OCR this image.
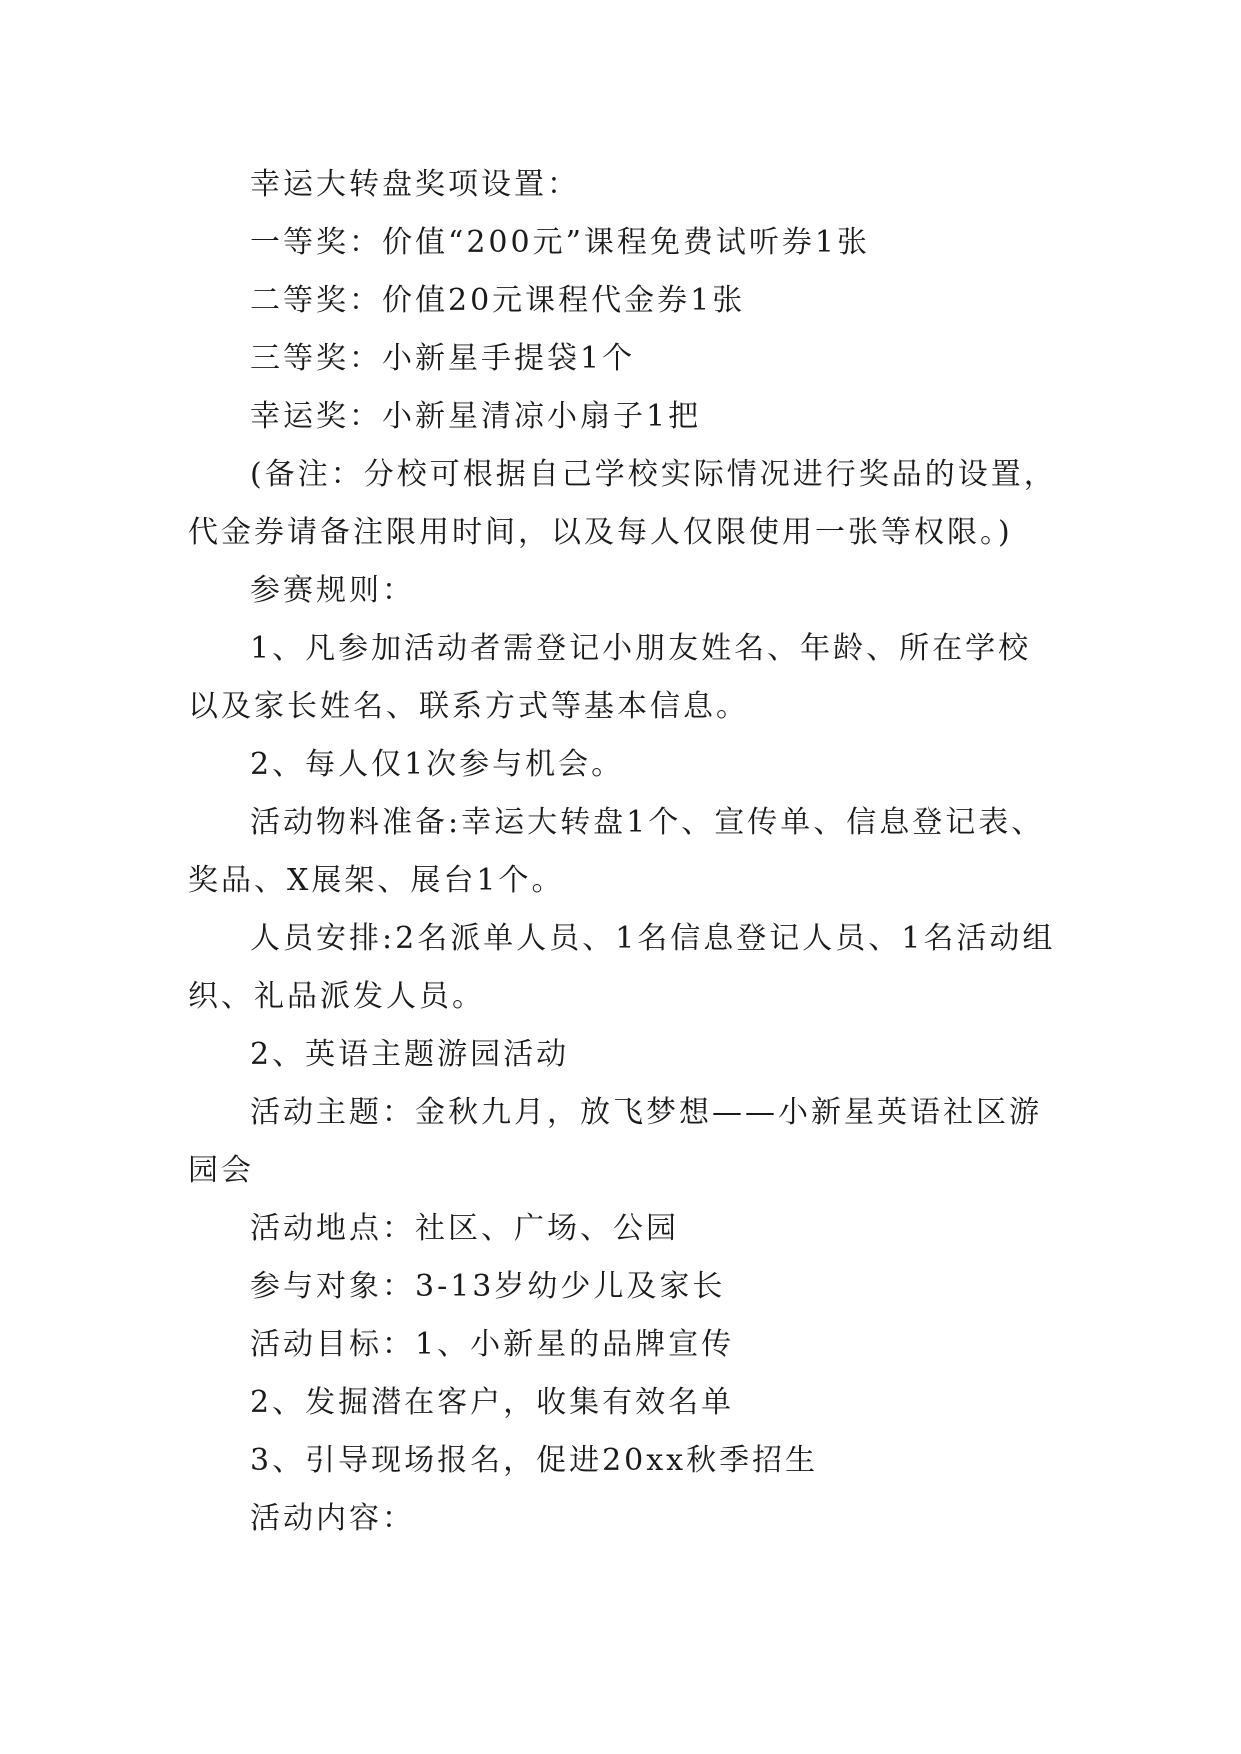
幸运大转盘奖项设置：

一等奖：价值“200元”课程免费试听券1张

二等奖：价值20元课程代金券1张

三等奖：小新星手提袋1个

幸运奖：小新星清凉小扇子1把

(备注：分校可根据自己学校实际情况进行奖品的设置，代金券请备注限用时间，以及每人仅限使用一张等权限。)

参赛规则：

1、凡参加活动者需登记小朋友姓名、年龄、所在学校以及家长姓名、联系方式等基本信息。

2、每人仅1次参与机会。

活动物料准备:幸运大转盘1个、宣传单、信息登记表、奖品、X展架、展台1个。

人员安排:2名派单人员、1名信息登记人员、1名活动组织、礼品派发人员。

2、英语主题游园活动

活动主题：金秋九月，放飞梦想——小新星英语社区游园会

活动地点：社区、广场、公园

参与对象：3-13岁幼少儿及家长

活动目标：1、小新星的品牌宣传

2、发掘潜在客户，收集有效名单

3、引导现场报名，促进20xx秋季招生

活动内容：
